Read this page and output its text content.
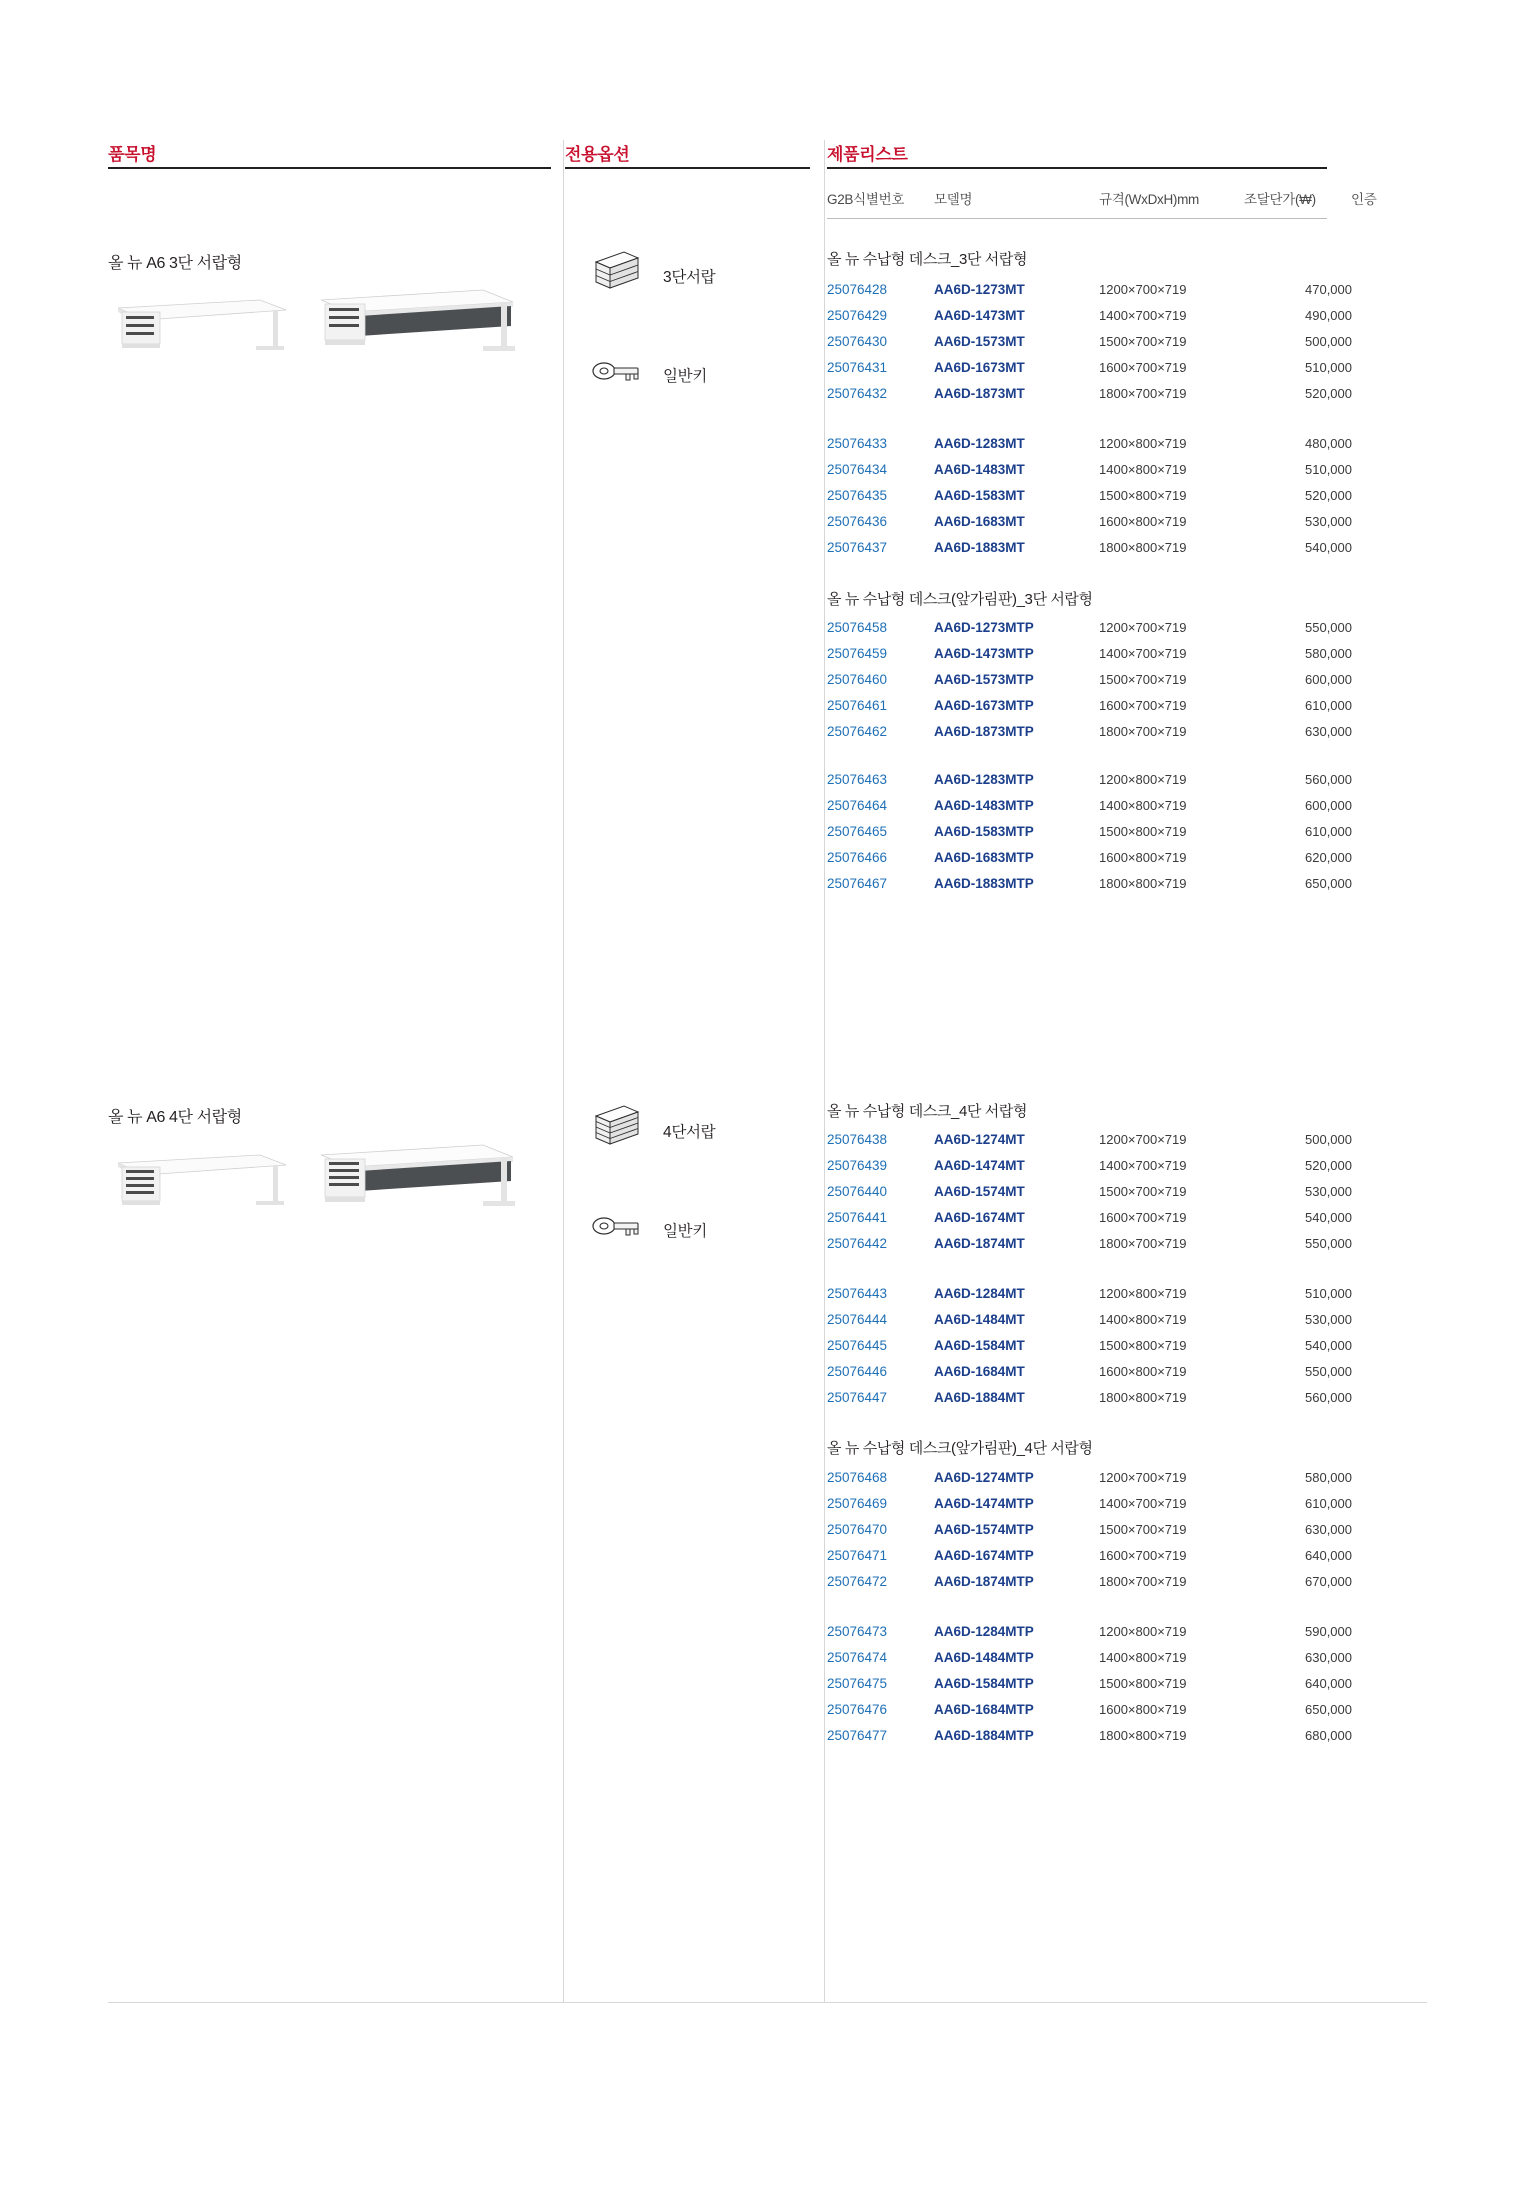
품목명	전용옵션	제품리스트
G2B식별번호 모델명	규격(WxDxH)mm	조달단가(₩)	인증
올 뉴 A6 3단 서랍형
3단서랍
일반키
올 뉴 수납형 데스크_3단 서랍형
25076428	AA6D-1273MT	1200×700×719	470,000
25076429	AA6D-1473MT	1400×700×719	490,000
25076430	AA6D-1573MT	1500×700×719	500,000
25076431	AA6D-1673MT	1600×700×719	510,000
25076432	AA6D-1873MT	1800×700×719	520,000
25076433	AA6D-1283MT	1200×800×719	480,000
25076434	AA6D-1483MT	1400×800×719	510,000
25076435	AA6D-1583MT	1500×800×719	520,000
25076436	AA6D-1683MT	1600×800×719	530,000
25076437	AA6D-1883MT	1800×800×719	540,000
올 뉴 수납형 데스크(앞가림판)_3단 서랍형
25076458	AA6D-1273MTP	1200×700×719	550,000
25076459	AA6D-1473MTP	1400×700×719	580,000
25076460	AA6D-1573MTP	1500×700×719	600,000
25076461	AA6D-1673MTP	1600×700×719	610,000
25076462	AA6D-1873MTP	1800×700×719	630,000
25076463	AA6D-1283MTP	1200×800×719	560,000
25076464	AA6D-1483MTP	1400×800×719	600,000
25076465	AA6D-1583MTP	1500×800×719	610,000
25076466	AA6D-1683MTP	1600×800×719	620,000
25076467	AA6D-1883MTP	1800×800×719	650,000
올 뉴 A6 4단 서랍형
4단서랍
일반키
올 뉴 수납형 데스크_4단 서랍형
25076438	AA6D-1274MT	1200×700×719	500,000
25076439	AA6D-1474MT	1400×700×719	520,000
25076440	AA6D-1574MT	1500×700×719	530,000
25076441	AA6D-1674MT	1600×700×719	540,000
25076442	AA6D-1874MT	1800×700×719	550,000
25076443	AA6D-1284MT	1200×800×719	510,000
25076444	AA6D-1484MT	1400×800×719	530,000
25076445	AA6D-1584MT	1500×800×719	540,000
25076446	AA6D-1684MT	1600×800×719	550,000
25076447	AA6D-1884MT	1800×800×719	560,000
올 뉴 수납형 데스크(앞가림판)_4단 서랍형
25076468	AA6D-1274MTP	1200×700×719	580,000
25076469	AA6D-1474MTP	1400×700×719	610,000
25076470	AA6D-1574MTP	1500×700×719	630,000
25076471	AA6D-1674MTP	1600×700×719	640,000
25076472	AA6D-1874MTP	1800×700×719	670,000
25076473	AA6D-1284MTP	1200×800×719	590,000
25076474	AA6D-1484MTP	1400×800×719	630,000
25076475	AA6D-1584MTP	1500×800×719	640,000
25076476	AA6D-1684MTP	1600×800×719	650,000
25076477	AA6D-1884MTP	1800×800×719	680,000
